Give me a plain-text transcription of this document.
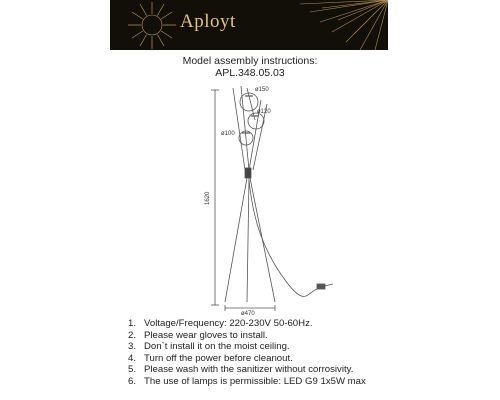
Aployt
Model assembly instructions:
APL.348.05.03
ø150
ø120
ø100
1620
ø470
1. Voltage/Frequency: 220-230V 50-60Hz.
2. Please wear gloves to install.
3. Don`t install it on the moist ceiling.
4. Turn off the power before cleanout.
5. Please wash with the sanitizer without corrosivity.
6. The use of lamps is permissible: LED G9 1x5W max
